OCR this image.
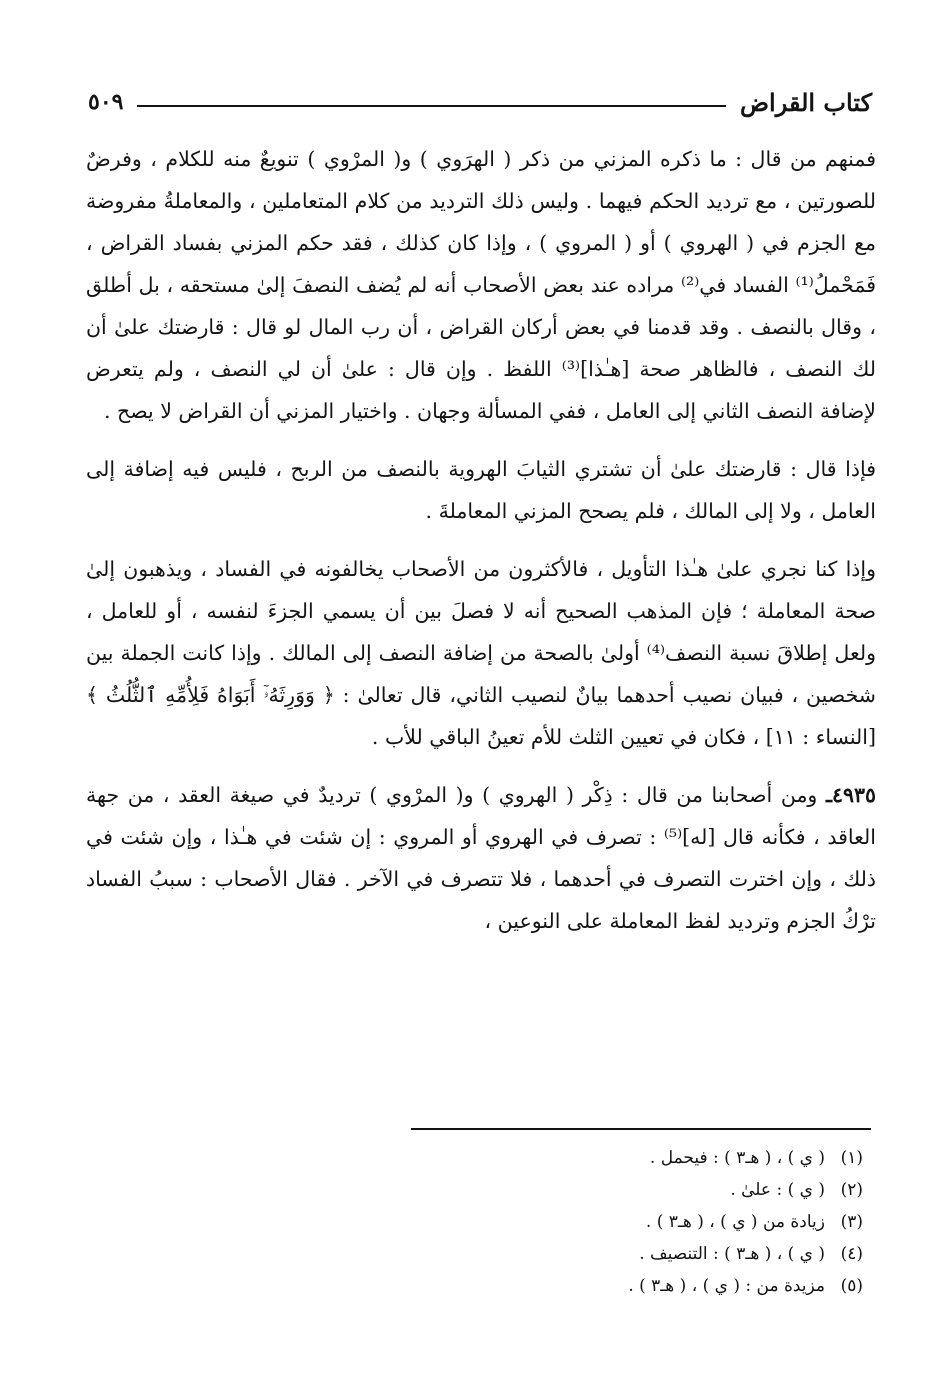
كتاب القراض
٥٠٩

فمنهم من قال : ما ذكره المزني من ذكر ( الهرَوي ) و( المرْوي ) تنويعٌ منه للكلام ، وفرضٌ للصورتين ، مع ترديد الحكم فيهما . وليس ذلك الترديد من كلام المتعاملين ، والمعاملةُ مفروضة مع الجزم في ( الهروي ) أو ( المروي ) ، وإذا كان كذلك ، فقد حكم المزني بفساد القراض ، فَمَحْملُ⁽¹⁾ الفساد في⁽²⁾ مراده عند بعض الأصحاب أنه لم يُضف النصفَ إلىٰ مستحقه ، بل أطلق ، وقال بالنصف . وقد قدمنا في بعض أركان القراض ، أن رب المال لو قال : قارضتك علىٰ أن لك النصف ، فالظاهر صحة [هـٰذا]⁽³⁾ اللفظ . وإن قال : علىٰ أن لي النصف ، ولم يتعرض لإضافة النصف الثاني إلى العامل ، ففي المسألة وجهان . واختيار المزني أن القراض لا يصح .

فإذا قال : قارضتك علىٰ أن تشتري الثيابَ الهروية بالنصف من الربح ، فليس فيه إضافة إلى العامل ، ولا إلى المالك ، فلم يصحح المزني المعاملةَ .

وإذا كنا نجري علىٰ هـٰذا التأويل ، فالأكثرون من الأصحاب يخالفونه في الفساد ، ويذهبون إلىٰ صحة المعاملة ؛ فإن المذهب الصحيح أنه لا فصلَ بين أن يسمي الجزءَ لنفسه ، أو للعامل ، ولعل إطلاقَ نسبة النصف⁽⁴⁾ أولىٰ بالصحة من إضافة النصف إلى المالك . وإذا كانت الجملة بين شخصين ، فبيان نصيب أحدهما بيانٌ لنصيب الثاني، قال تعالىٰ : ﴿ وَوَرِثَهُۥٓ أَبَوَاهُ فَلِأُمِّهِ ٱلثُّلُثُ ﴾ [النساء : ١١] ، فكان في تعيين الثلث للأم تعينُ الباقي للأب .

٤٩٣٥ـ ومن أصحابنا من قال : ذِكْر ( الهروي ) و( المرْوي ) ترديدٌ في صيغة العقد ، من جهة العاقد ، فكأنه قال [له]⁽⁵⁾ : تصرف في الهروي أو المروي : إن شئت في هـٰذا ، وإن شئت في ذلك ، وإن اخترت التصرف في أحدهما ، فلا تتصرف في الآخر . فقال الأصحاب : سببُ الفساد ترْكُ الجزم وترديد لفظ المعاملة على النوعين ،

(١)( ي ) ، ( هـ٣ ) : فيحمل .
(٢)( ي ) : علىٰ .
(٣)زيادة من ( ي ) ، ( هـ٣ ) .
(٤)( ي ) ، ( هـ٣ ) : التنصيف .
(٥)مزيدة من : ( ي ) ، ( هـ٣ ) .
